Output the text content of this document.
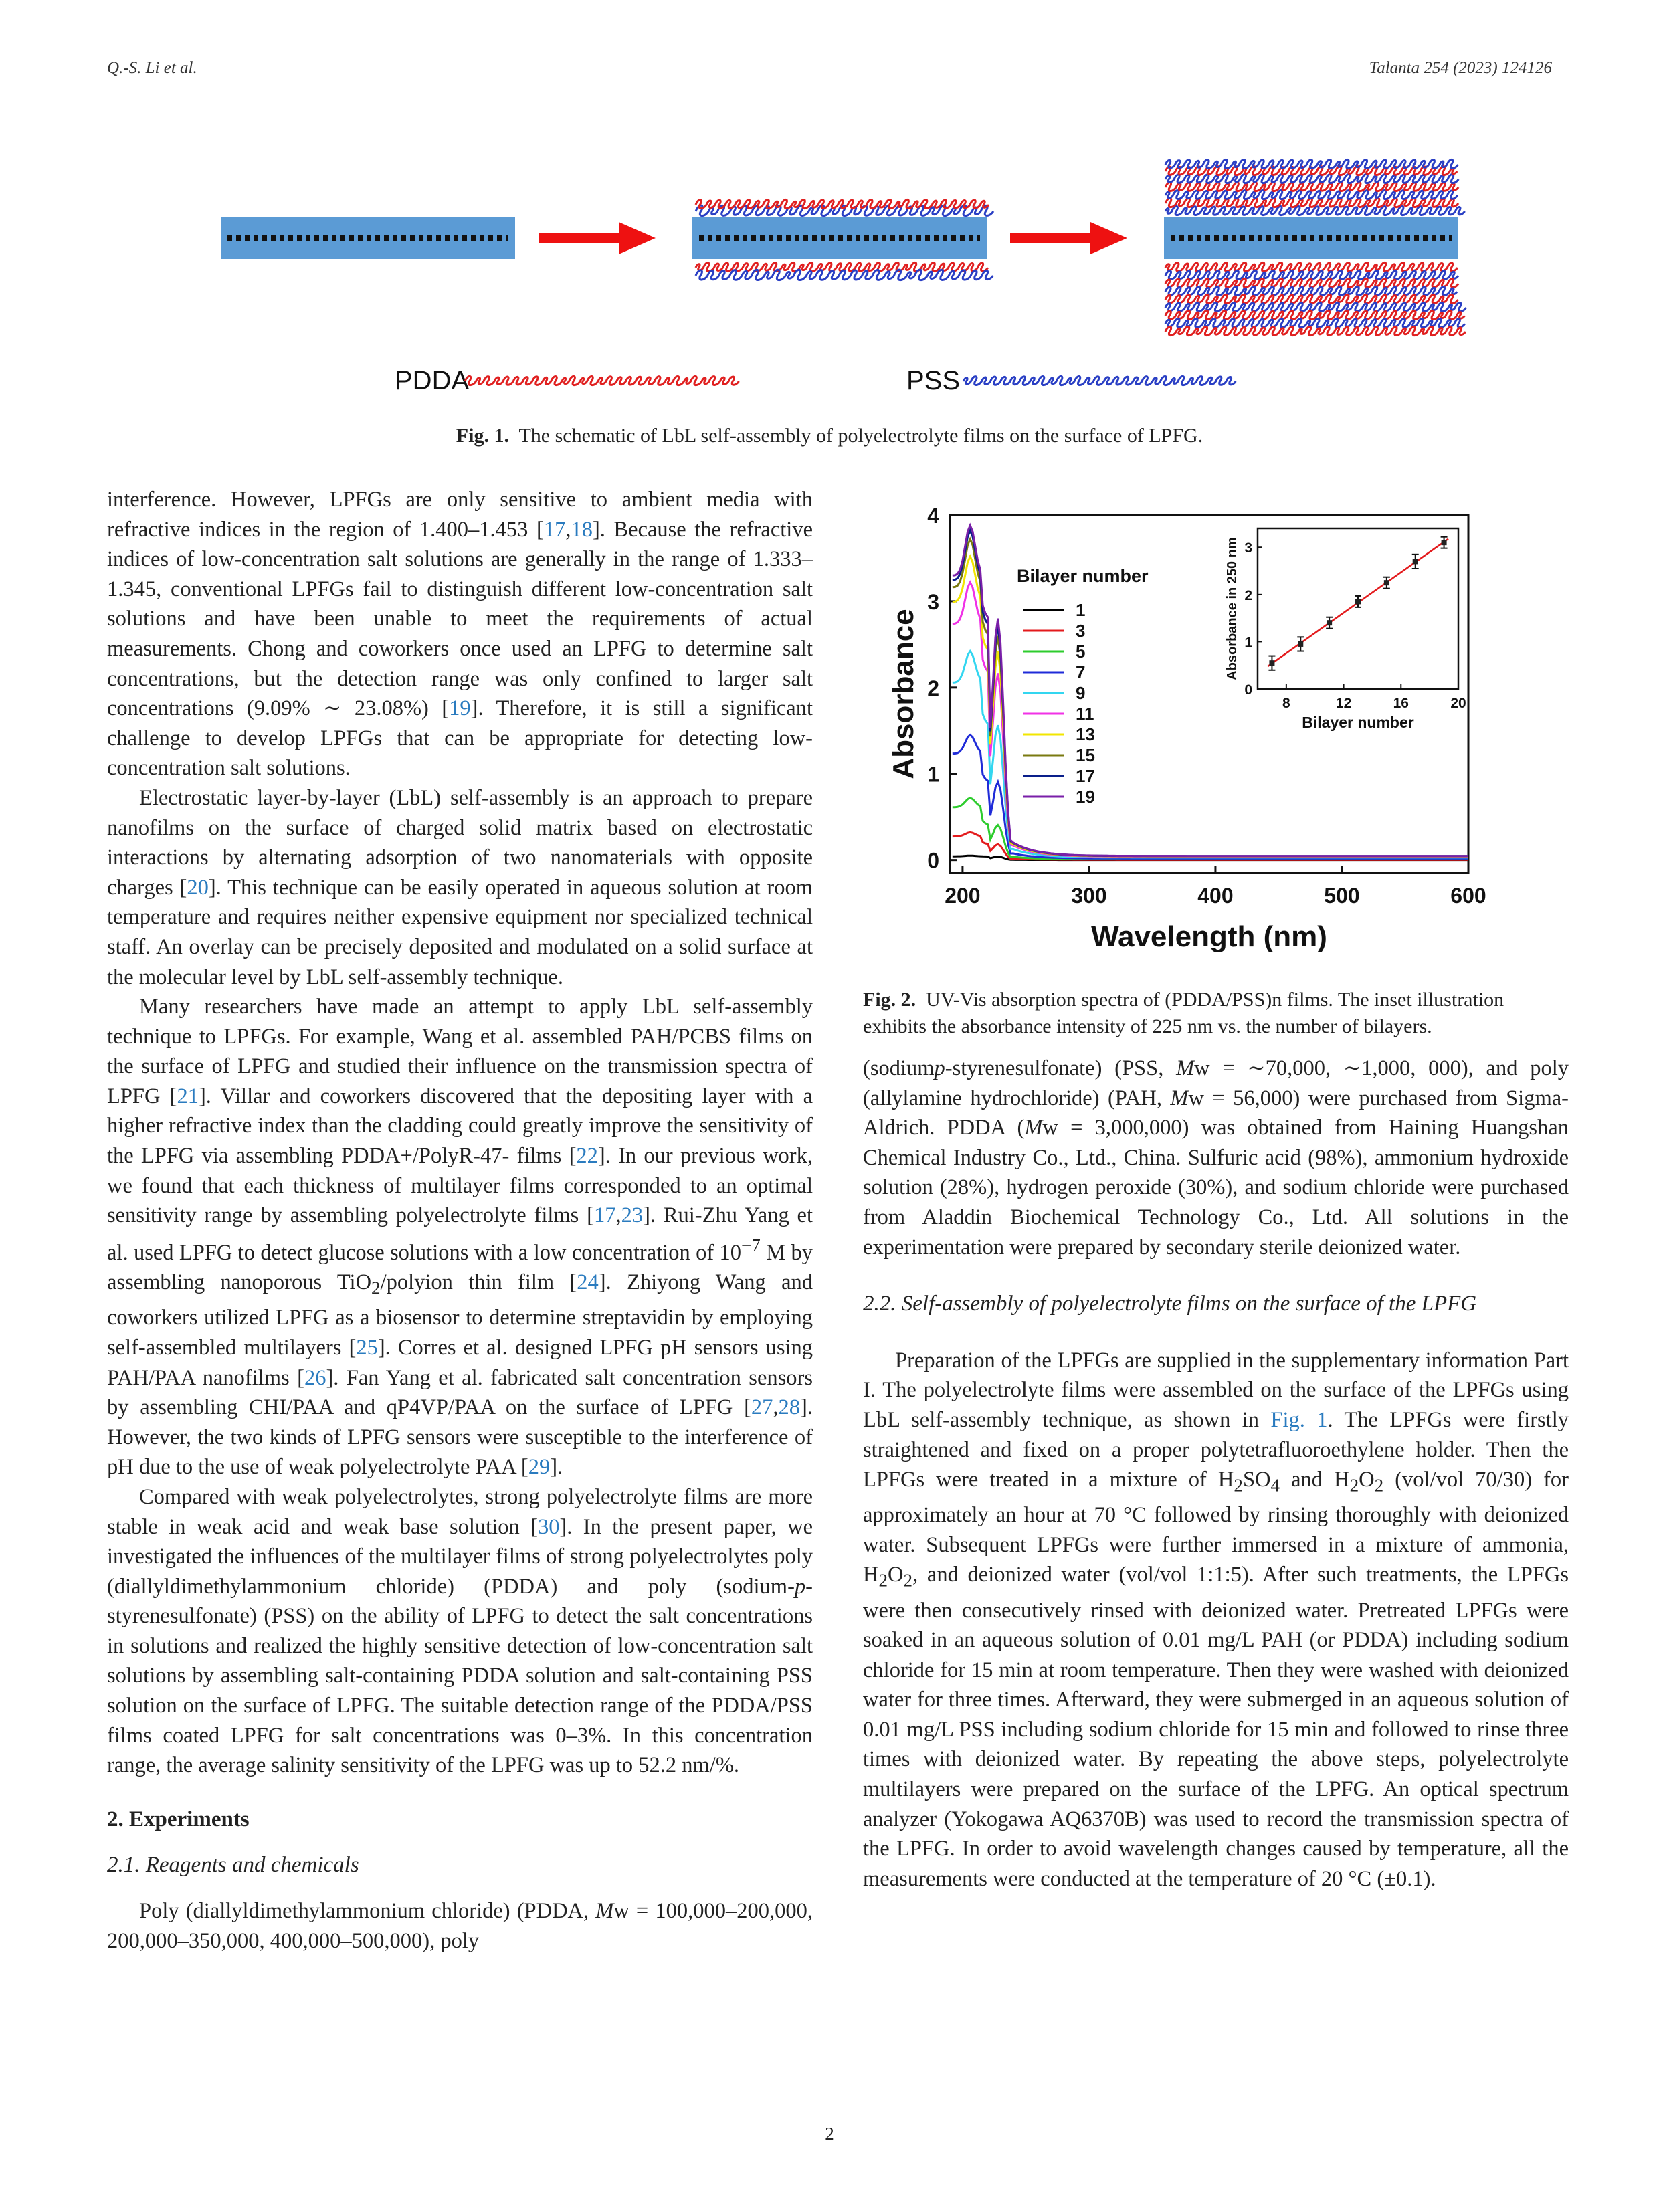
Q.-S. Li et al.	Talanta 254 (2023) 124126
PDDA	PSS
Fig. 1. The schematic of LbL self-assembly of polyelectrolyte films on the surface of LPFG.

interference. However, LPFGs are only sensitive to ambient media with refractive indices in the region of 1.400–1.453 [17,18]. Because the refractive indices of low-concentration salt solutions are generally in the range of 1.333–1.345, conventional LPFGs fail to distinguish different low-concentration salt solutions and have been unable to meet the requirements of actual measurements. Chong and coworkers once used an LPFG to determine salt concentrations, but the detection range was only confined to larger salt concentrations (9.09% ∼ 23.08%) [19]. Therefore, it is still a significant challenge to develop LPFGs that can be appropriate for detecting low-concentration salt solutions.

Electrostatic layer-by-layer (LbL) self-assembly is an approach to prepare nanofilms on the surface of charged solid matrix based on electrostatic interactions by alternating adsorption of two nanomaterials with opposite charges [20]. This technique can be easily operated in aqueous solution at room temperature and requires neither expensive equipment nor specialized technical staff. An overlay can be precisely deposited and modulated on a solid surface at the molecular level by LbL self-assembly technique.

Many researchers have made an attempt to apply LbL self-assembly technique to LPFGs. For example, Wang et al. assembled PAH/PCBS films on the surface of LPFG and studied their influence on the transmission spectra of LPFG [21]. Villar and coworkers discovered that the depositing layer with a higher refractive index than the cladding could greatly improve the sensitivity of the LPFG via assembling PDDA+/PolyR-47- films [22]. In our previous work, we found that each thickness of multilayer films corresponded to an optimal sensitivity range by assembling polyelectrolyte films [17,23]. Rui-Zhu Yang et al. used LPFG to detect glucose solutions with a low concentration of $10^{-7}$ M by assembling nanoporous TiO$_2$/polyion thin film [24]. Zhiyong Wang and coworkers utilized LPFG as a biosensor to determine streptavidin by employing self-assembled multilayers [25]. Corres et al. designed LPFG pH sensors using PAH/PAA nanofilms [26]. Fan Yang et al. fabricated salt concentration sensors by assembling CHI/PAA and qP4VP/PAA on the surface of LPFG [27,28]. However, the two kinds of LPFG sensors were susceptible to the interference of pH due to the use of weak polyelectrolyte PAA [29].

Compared with weak polyelectrolytes, strong polyelectrolyte films are more stable in weak acid and weak base solution [30]. In the present paper, we investigated the influences of the multilayer films of strong polyelectrolytes poly (diallyldimethylammonium chloride) (PDDA) and poly (sodium-p-styrenesulfonate) (PSS) on the ability of LPFG to detect the salt concentrations in solutions and realized the highly sensitive detection of low-concentration salt solutions by assembling salt-containing PDDA solution and salt-containing PSS solution on the surface of LPFG. The suitable detection range of the PDDA/PSS films coated LPFG for salt concentrations was 0–3%. In this concentration range, the average salinity sensitivity of the LPFG was up to 52.2 nm/%.

2. Experiments

2.1. Reagents and chemicals

Poly (diallyldimethylammonium chloride) (PDDA, Mw = 100,000–200,000, 200,000–350,000, 400,000–500,000), poly

0
1
2
3
4
200	300	400	500	600
Wavelength (nm)
Absorbance
Bilayer number
1
3
5
7
9
11
13
15
17
19
0
1
2
3
8	12	16	20
Bilayer number
Absorbance in 250 nm
Fig. 2. UV-Vis absorption spectra of (PDDA/PSS)n films. The inset illustration exhibits the absorbance intensity of 225 nm vs. the number of bilayers.

(sodiump-styrenesulfonate) (PSS, Mw = ∼70,000, ∼1,000, 000), and poly (allylamine hydrochloride) (PAH, Mw = 56,000) were purchased from Sigma-Aldrich. PDDA (Mw = 3,000,000) was obtained from Haining Huangshan Chemical Industry Co., Ltd., China. Sulfuric acid (98%), ammonium hydroxide solution (28%), hydrogen peroxide (30%), and sodium chloride were purchased from Aladdin Biochemical Technology Co., Ltd. All solutions in the experimentation were prepared by secondary sterile deionized water.

2.2. Self-assembly of polyelectrolyte films on the surface of the LPFG

Preparation of the LPFGs are supplied in the supplementary information Part I. The polyelectrolyte films were assembled on the surface of the LPFGs using LbL self-assembly technique, as shown in Fig. 1. The LPFGs were firstly straightened and fixed on a proper polytetrafluoroethylene holder. Then the LPFGs were treated in a mixture of $H_2SO_4$ and $H_2O_2$ (vol/vol 70/30) for approximately an hour at 70 °C followed by rinsing thoroughly with deionized water. Subsequent LPFGs were further immersed in a mixture of ammonia, $H_2O_2$, and deionized water (vol/vol 1:1:5). After such treatments, the LPFGs were then consecutively rinsed with deionized water. Pretreated LPFGs were soaked in an aqueous solution of 0.01 mg/L PAH (or PDDA) including sodium chloride for 15 min at room temperature. Then they were washed with deionized water for three times. Afterward, they were submerged in an aqueous solution of 0.01 mg/L PSS including sodium chloride for 15 min and followed to rinse three times with deionized water. By repeating the above steps, polyelectrolyte multilayers were prepared on the surface of the LPFG. An optical spectrum analyzer (Yokogawa AQ6370B) was used to record the transmission spectra of the LPFG. In order to avoid wavelength changes caused by temperature, all the measurements were conducted at the temperature of 20 °C (±0.1).

2
